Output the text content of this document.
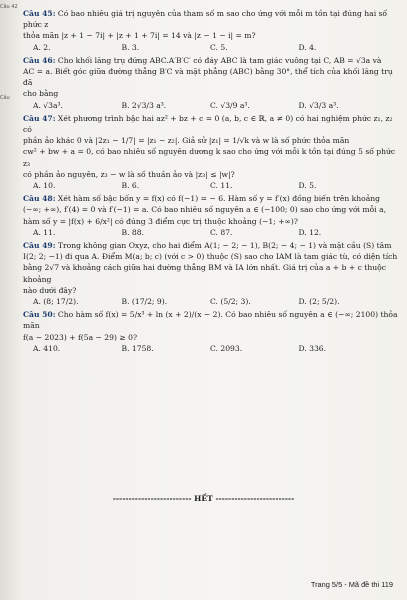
Câu 42
Câu
Câu 45: Có bao nhiêu giá trị nguyên của tham số m sao cho ứng với mỗi m tồn tại đúng hai số phức z
thỏa mãn |z + 1 − 7i| + |z + 1 + 7i| = 14 và |z − 1 − i| = m?
A. 2.	B. 3.	C. 5.	D. 4.
Câu 46: Cho khối lăng trụ đứng ABC.A′B′C′ có đáy ABC là tam giác vuông tại C, AB = √3a và
AC = a. Biết góc giữa đường thẳng B′C và mặt phẳng (ABC) bằng 30°, thể tích của khối lăng trụ đã
cho bằng
A. √3a³.	B. 2√3/3 a³.	C. √3/9 a³.	D. √3/3 a³.
Câu 47: Xét phương trình bậc hai az² + bz + c = 0 (a, b, c ∈ ℝ, a ≠ 0) có hai nghiệm phức z₁, z₂ có
phần ảo khác 0 và |2z₁ − 1/7| = |z₁ − z₂|. Giả sử |z₁| = 1/√k và w là số phức thỏa mãn
cw² + bw + a = 0, có bao nhiêu số nguyên dương k sao cho ứng với mỗi k tồn tại đúng 5 số phức z₃
có phần ảo nguyên, z₃ − w là số thuần ảo và |z₃| ≤ |w|?
A. 10.	B. 6.	C. 11.	D. 5.
Câu 48: Xét hàm số bậc bốn y = f(x) có f(−1) = − 6. Hàm số y = f′(x) đồng biến trên khoảng
(−∞; +∞), f′(4) = 0 và f′(−1) = a. Có bao nhiêu số nguyên a ∈ (−100; 0) sao cho ứng với mỗi a,
hàm số y = |f(x) + 6/x²| có đúng 3 điểm cực trị thuộc khoảng (−1; +∞)?
A. 11.	B. 88.	C. 87.	D. 12.
Câu 49: Trong không gian Oxyz, cho hai điểm A(1; − 2; − 1), B(2; − 4; − 1) và mặt cầu (S) tâm
I(2; 2; −1) đi qua A. Điểm M(a; b; c) (với c > 0) thuộc (S) sao cho IAM là tam giác tù, có diện tích
bằng 2√7 và khoảng cách giữa hai đường thẳng BM và IA lớn nhất. Giá trị của a + b + c thuộc khoảng
nào dưới đây?
A. (8; 17/2).	B. (17/2; 9).	C. (5/2; 3).	D. (2; 5/2).
Câu 50: Cho hàm số f(x) = 5/x³ + ln (x + 2)/(x − 2). Có bao nhiêu số nguyên a ∈ (−∞; 2100) thỏa mãn
f(a − 2023) + f(5a − 29) ≥ 0?
A. 410.	B. 1758.	C. 2093.	D. 336.
------------------------- HẾT -------------------------
Trang 5/5 - Mã đề thi 119
